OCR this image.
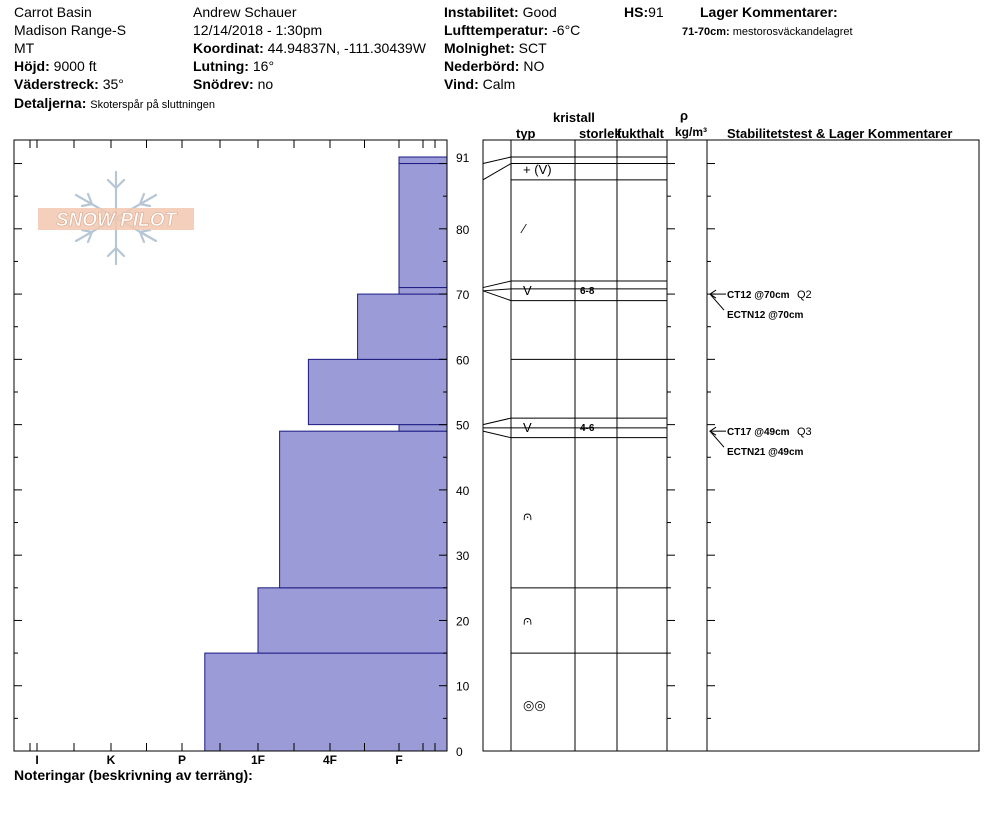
Carrot Basin
Madison Range-S
MT
Höjd: 9000 ft
Väderstreck: 35°
Detaljerna: Skoterspår på sluttningen
Andrew Schauer
12/14/2018 - 1:30pm
Koordinat: 44.94837N, -111.30439W
Lutning: 16°
Snödrev: no
Instabilitet: Good
Lufttemperatur: -6°C
Molnighet: SCT
Nederbörd: NO
Vind: Calm
HS:91	Lager Kommentarer:
71-70cm: mestorosväckandelagret
kristall
typ	storlek
fukthalt
ρ
kg/m³ Stabilitetstest & Lager Kommentarer
Noteringar (beskrivning av terräng):
SNOW PILOT
0
10
20
30
40
50
60
70
80
91
I	K	P	1F	4F	F
+ (V)
⁄
V	6-8
V	4-6
⩀
⩀
◎◎
CT12 @70cm Q2
ECTN12 @70cm
CT17 @49cm Q3
ECTN21 @49cm
